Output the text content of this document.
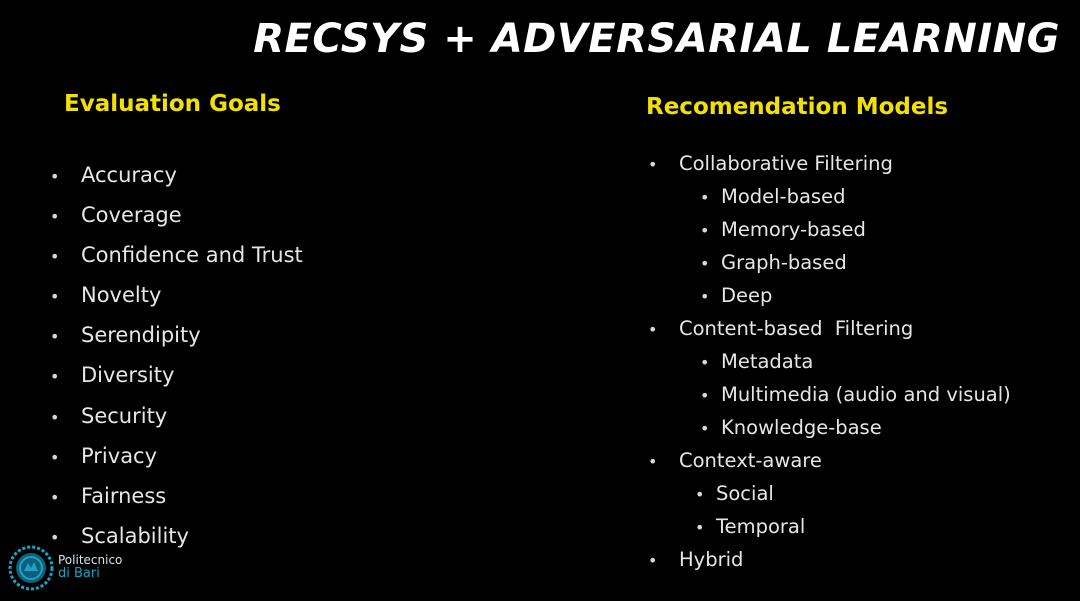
RECSYS + ADVERSARIAL LEARNING
Evaluation Goals
• Accuracy
• Coverage
• Confidence and Trust
• Novelty
• Serendipity
• Diversity
• Security
• Privacy
• Fairness
• Scalability
Recomendation Models
• Collaborative Filtering
• Model-based
• Memory-based
• Graph-based
• Deep
• Content-based  Filtering
• Metadata
• Multimedia (audio and visual)
• Knowledge-base
• Context-aware
• Social
• Temporal
• Hybrid
Politecnico
di Bari
